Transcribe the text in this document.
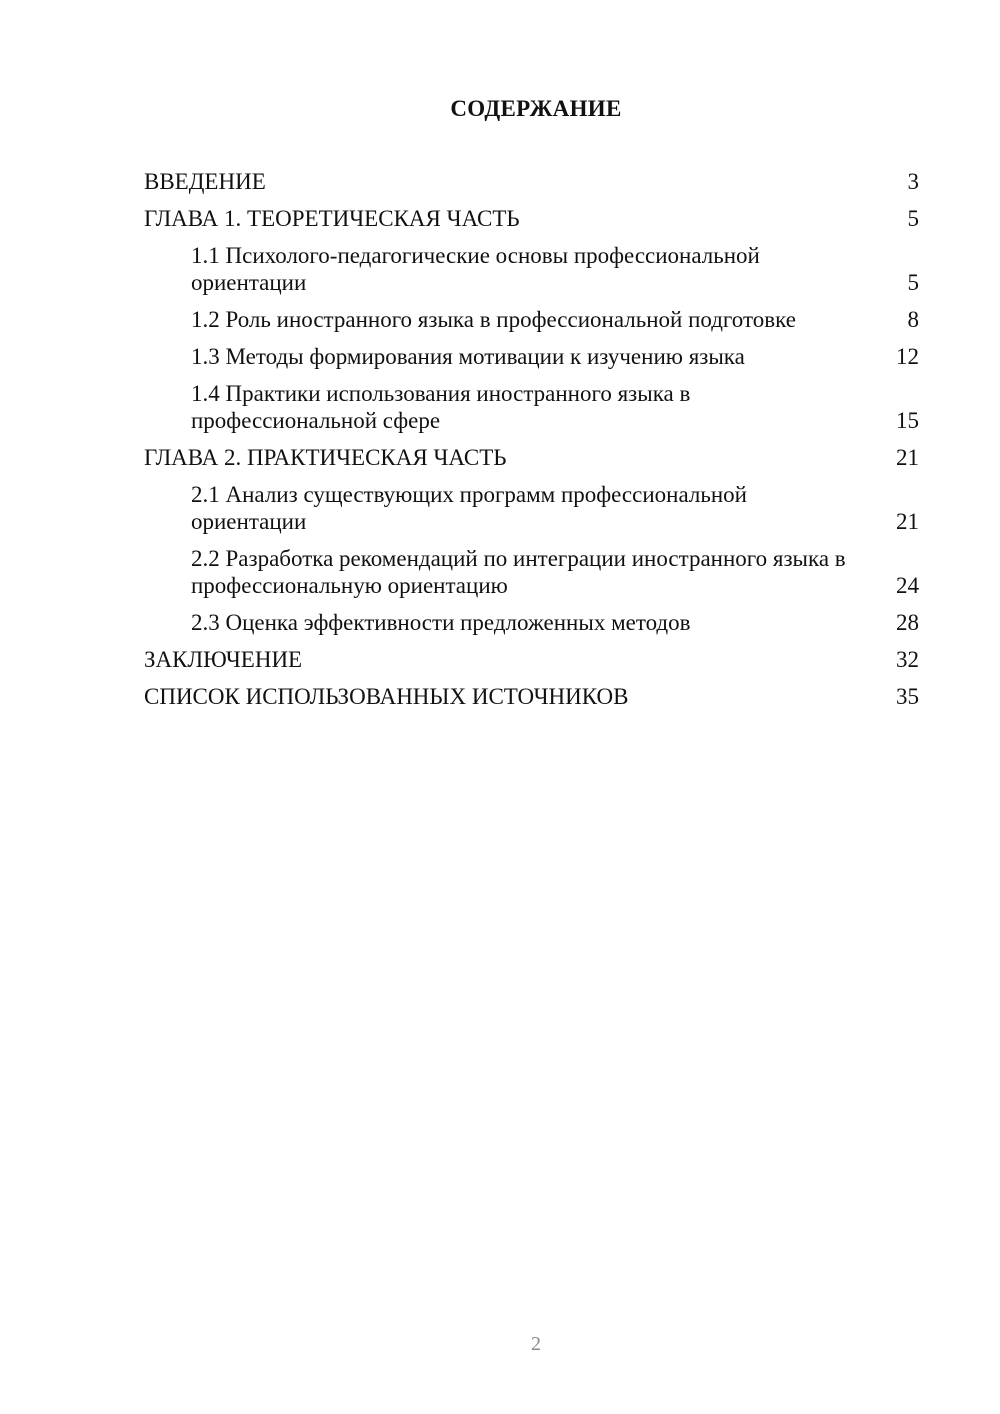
СОДЕРЖАНИЕ
ВВЕДЕНИЕ	3
ГЛАВА 1. ТЕОРЕТИЧЕСКАЯ ЧАСТЬ	5
1.1 Психолого-педагогические основы профессиональной ориентации	5
1.2 Роль иностранного языка в профессиональной подготовке	8
1.3 Методы формирования мотивации к изучению языка	12
1.4 Практики использования иностранного языка в профессиональной сфере	15
ГЛАВА 2. ПРАКТИЧЕСКАЯ ЧАСТЬ	21
2.1 Анализ существующих программ профессиональной ориентации	21
2.2 Разработка рекомендаций по интеграции иностранного языка в профессиональную ориентацию	24
2.3 Оценка эффективности предложенных методов	28
ЗАКЛЮЧЕНИЕ	32
СПИСОК ИСПОЛЬЗОВАННЫХ ИСТОЧНИКОВ	35
2
